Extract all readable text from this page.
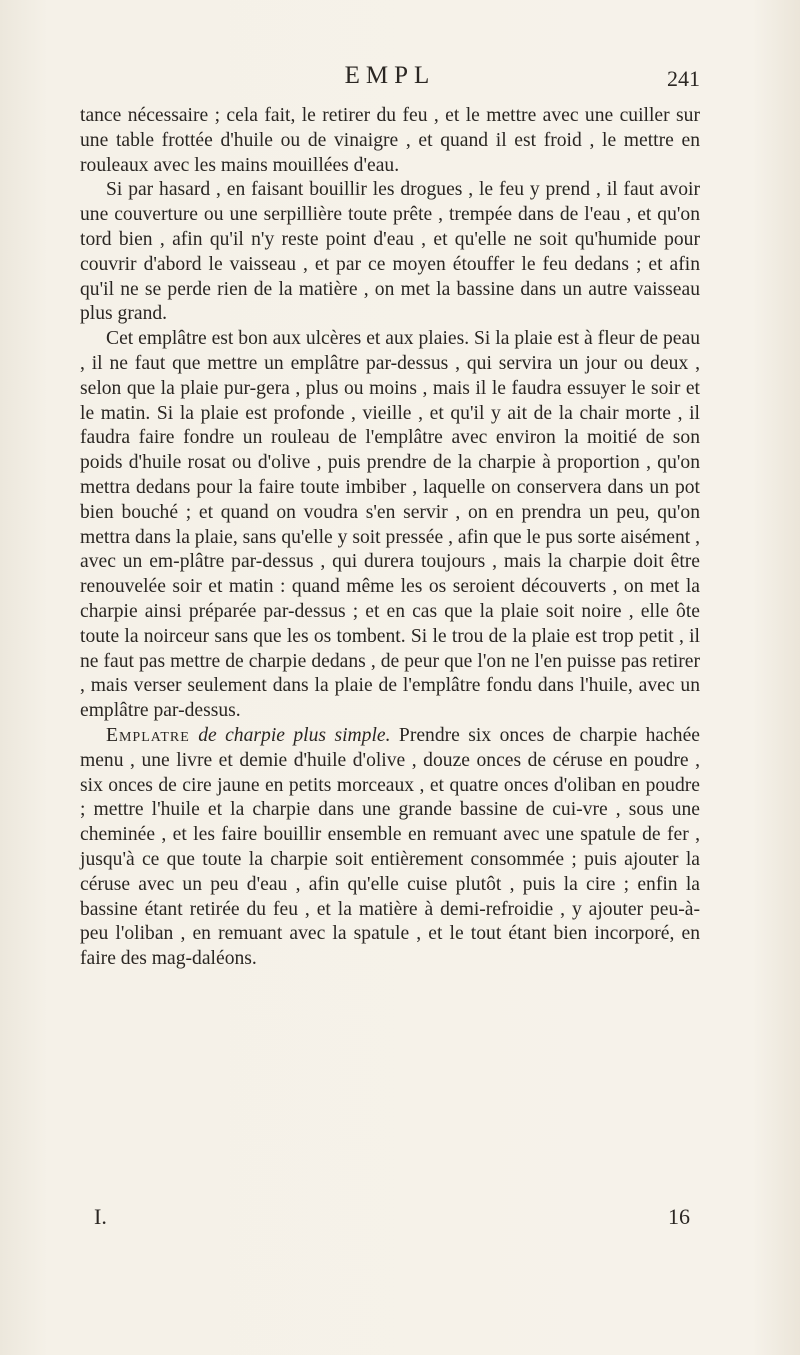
EMPL	241

tance nécessaire ; cela fait, le retirer du feu , et le mettre avec une cuiller sur une table frottée d'huile ou de vinaigre , et quand il est froid , le mettre en rouleaux avec les mains mouillées d'eau.

Si par hasard , en faisant bouillir les drogues , le feu y prend , il faut avoir une couverture ou une serpillière toute prête , trempée dans de l'eau , et qu'on tord bien , afin qu'il n'y reste point d'eau , et qu'elle ne soit qu'humide pour couvrir d'abord le vaisseau , et par ce moyen étouffer le feu dedans ; et afin qu'il ne se perde rien de la matière , on met la bassine dans un autre vaisseau plus grand.

Cet emplâtre est bon aux ulcères et aux plaies. Si la plaie est à fleur de peau , il ne faut que mettre un emplâtre par-dessus , qui servira un jour ou deux , selon que la plaie pur-gera , plus ou moins , mais il le faudra essuyer le soir et le matin. Si la plaie est profonde , vieille , et qu'il y ait de la chair morte , il faudra faire fondre un rouleau de l'emplâtre avec environ la moitié de son poids d'huile rosat ou d'olive , puis prendre de la charpie à proportion , qu'on mettra dedans pour la faire toute imbiber , laquelle on conservera dans un pot bien bouché ; et quand on voudra s'en servir , on en prendra un peu, qu'on mettra dans la plaie, sans qu'elle y soit pressée , afin que le pus sorte aisément , avec un em-plâtre par-dessus , qui durera toujours , mais la charpie doit être renouvelée soir et matin : quand même les os seroient découverts , on met la charpie ainsi préparée par-dessus ; et en cas que la plaie soit noire , elle ôte toute la noirceur sans que les os tombent. Si le trou de la plaie est trop petit , il ne faut pas mettre de charpie dedans , de peur que l'on ne l'en puisse pas retirer , mais verser seulement dans la plaie de l'emplâtre fondu dans l'huile, avec un emplâtre par-dessus.

Emplatre de charpie plus simple. Prendre six onces de charpie hachée menu , une livre et demie d'huile d'olive , douze onces de céruse en poudre , six onces de cire jaune en petits morceaux , et quatre onces d'oliban en poudre ; mettre l'huile et la charpie dans une grande bassine de cui-vre , sous une cheminée , et les faire bouillir ensemble en remuant avec une spatule de fer , jusqu'à ce que toute la charpie soit entièrement consommée ; puis ajouter la céruse avec un peu d'eau , afin qu'elle cuise plutôt , puis la cire ; enfin la bassine étant retirée du feu , et la matière à demi-refroidie , y ajouter peu-à-peu l'oliban , en remuant avec la spatule , et le tout étant bien incorporé, en faire des mag-daléons.

I.	16
